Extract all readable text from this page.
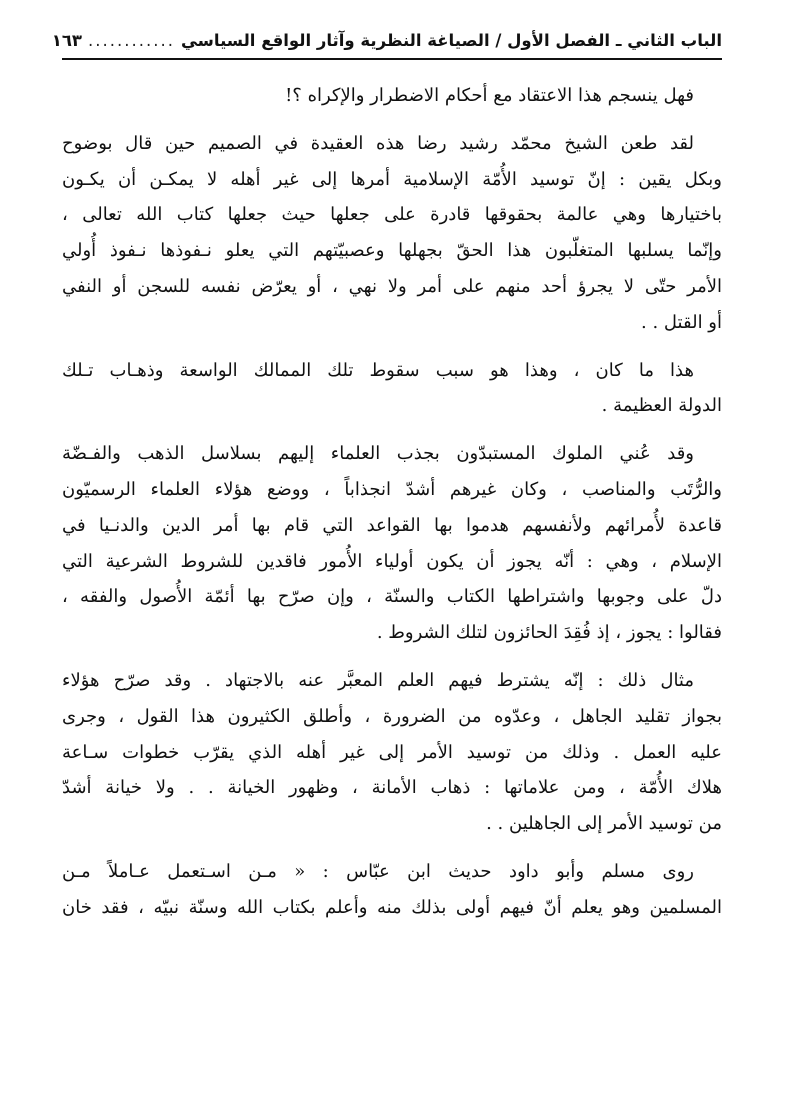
الباب الثاني ـ الفصل الأول / الصياغة النظرية وآثار الواقع السياسي
............
١٦٣

فهل ينسجم هذا الاعتقاد مع أحكام الاضطرار والإكراه ؟!

لقد طعن الشيخ محمّد رشيد رضا هذه العقيدة في الصميم حين قال بوضوح
وبكل يقين : إنّ توسيد الأُمّة الإسلامية أمرها إلى غير أهله لا يمكـن أن يكـون
باختيارها وهي عالمة بحقوقها قادرة على جعلها حيث جعلها كتاب الله تعالى ،
وإنّما يسلبها المتغلّبون هذا الحقّ بجهلها وعصبيّتهم التي يعلو نـفوذها نـفوذ أُولي
الأمر حتّى لا يجرؤ أحد منهم على أمر ولا نهي ، أو يعرّض نفسه للسجن أو النفي
أو القتل . .

هذا ما كان ، وهذا هو سبب سقوط تلك الممالك الواسعة وذهـاب تـلك
الدولة العظيمة .

وقد عُني الملوك المستبدّون بجذب العلماء إليهم بسلاسل الذهب والفـضّة
والرُّتَب والمناصب ، وكان غيرهم أشدّ انجذاباً ، ووضع هؤلاء العلماء الرسميّون
قاعدة لأُمرائهم ولأنفسهم هدموا بها القواعد التي قام بها أمر الدين والدنـيا في
الإسلام ، وهي : أنّه يجوز أن يكون أولياء الأُمور فاقدين للشروط الشرعية التي
دلّ على وجوبها واشتراطها الكتاب والسنّة ، وإن صرّح بها أئمّة الأُصول والفقه ،
فقالوا : يجوز ، إذ فُقِدَ الحائزون لتلك الشروط .

مثال ذلك : إنّه يشترط فيهم العلم المعبَّر عنه بالاجتهاد . وقد صرّح هؤلاء
بجواز تقليد الجاهل ، وعدّوه من الضرورة ، وأطلق الكثيرون هذا القول ، وجرى
عليه العمل . وذلك من توسيد الأمر إلى غير أهله الذي يقرّب خطوات سـاعة
هلاك الأُمّة ، ومن علاماتها : ذهاب الأمانة ، وظهور الخيانة . . ولا خيانة أشدّ
من توسيد الأمر إلى الجاهلين . .

روى مسلم وأبو داود حديث ابن عبّاس : « مـن اسـتعمل عـاملاً مـن
المسلمين وهو يعلم أنّ فيهم أولى بذلك منه وأعلم بكتاب الله وسنّة نبيّه ، فقد خان
